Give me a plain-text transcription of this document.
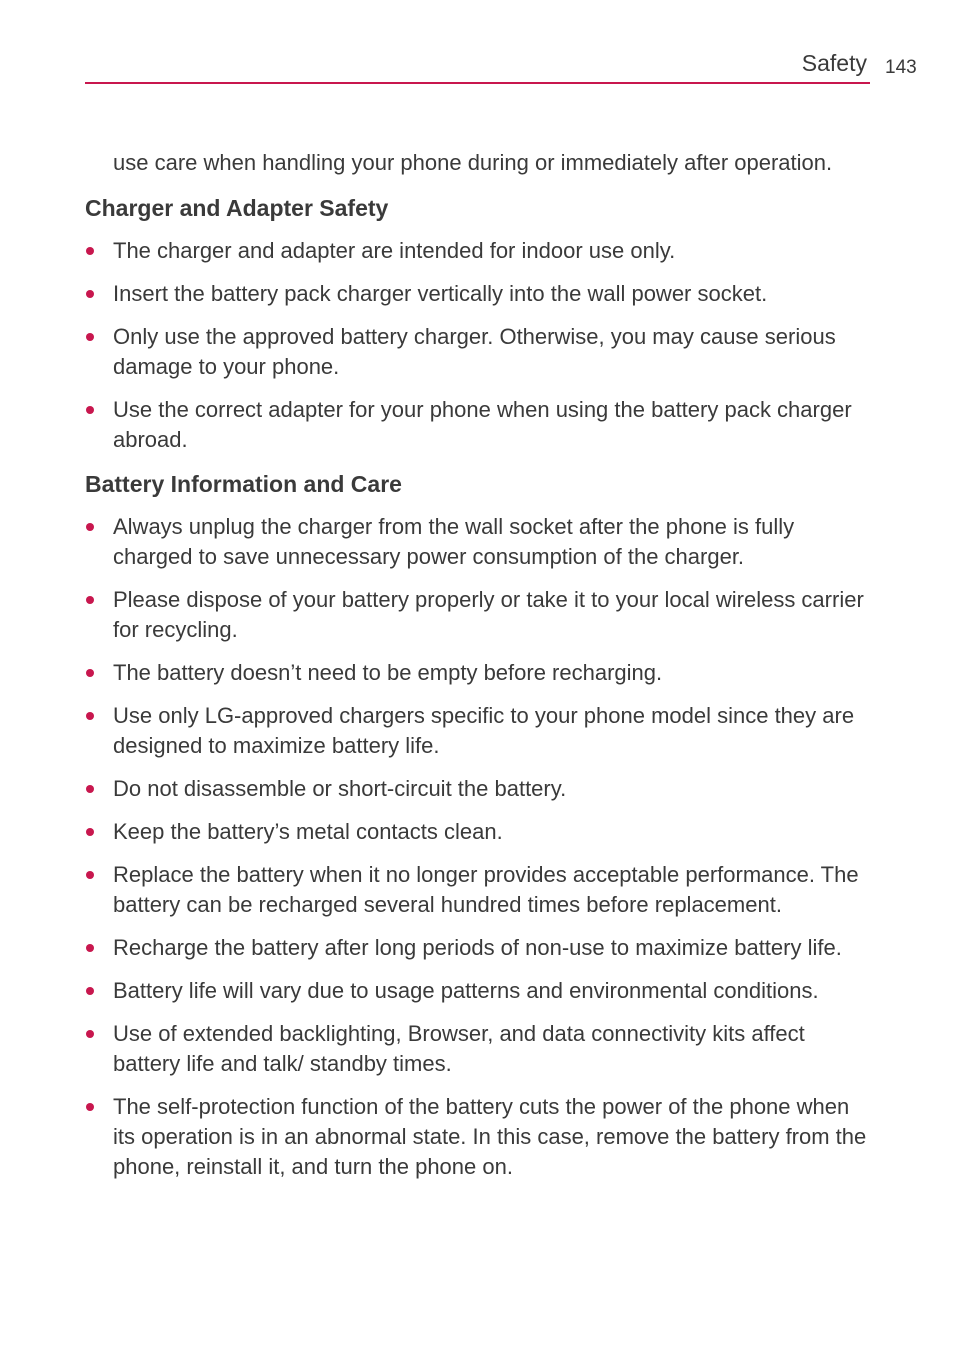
Safety 143

use care when handling your phone during or immediately after operation.

Charger and Adapter Safety
The charger and adapter are intended for indoor use only.
Insert the battery pack charger vertically into the wall power socket.
Only use the approved battery charger. Otherwise, you may cause serious damage to your phone.
Use the correct adapter for your phone when using the battery pack charger abroad.
Battery Information and Care
Always unplug the charger from the wall socket after the phone is fully charged to save unnecessary power consumption of the charger.
Please dispose of your battery properly or take it to your local wireless carrier for recycling.
The battery doesn’t need to be empty before recharging.
Use only LG-approved chargers specific to your phone model since they are designed to maximize battery life.
Do not disassemble or short-circuit the battery.
Keep the battery’s metal contacts clean.
Replace the battery when it no longer provides acceptable performance. The battery can be recharged several hundred times before replacement.
Recharge the battery after long periods of non-use to maximize battery life.
Battery life will vary due to usage patterns and environmental conditions.
Use of extended backlighting, Browser, and data connectivity kits affect battery life and talk/ standby times.
The self-protection function of the battery cuts the power of the phone when its operation is in an abnormal state. In this case, remove the battery from the phone, reinstall it, and turn the phone on.
